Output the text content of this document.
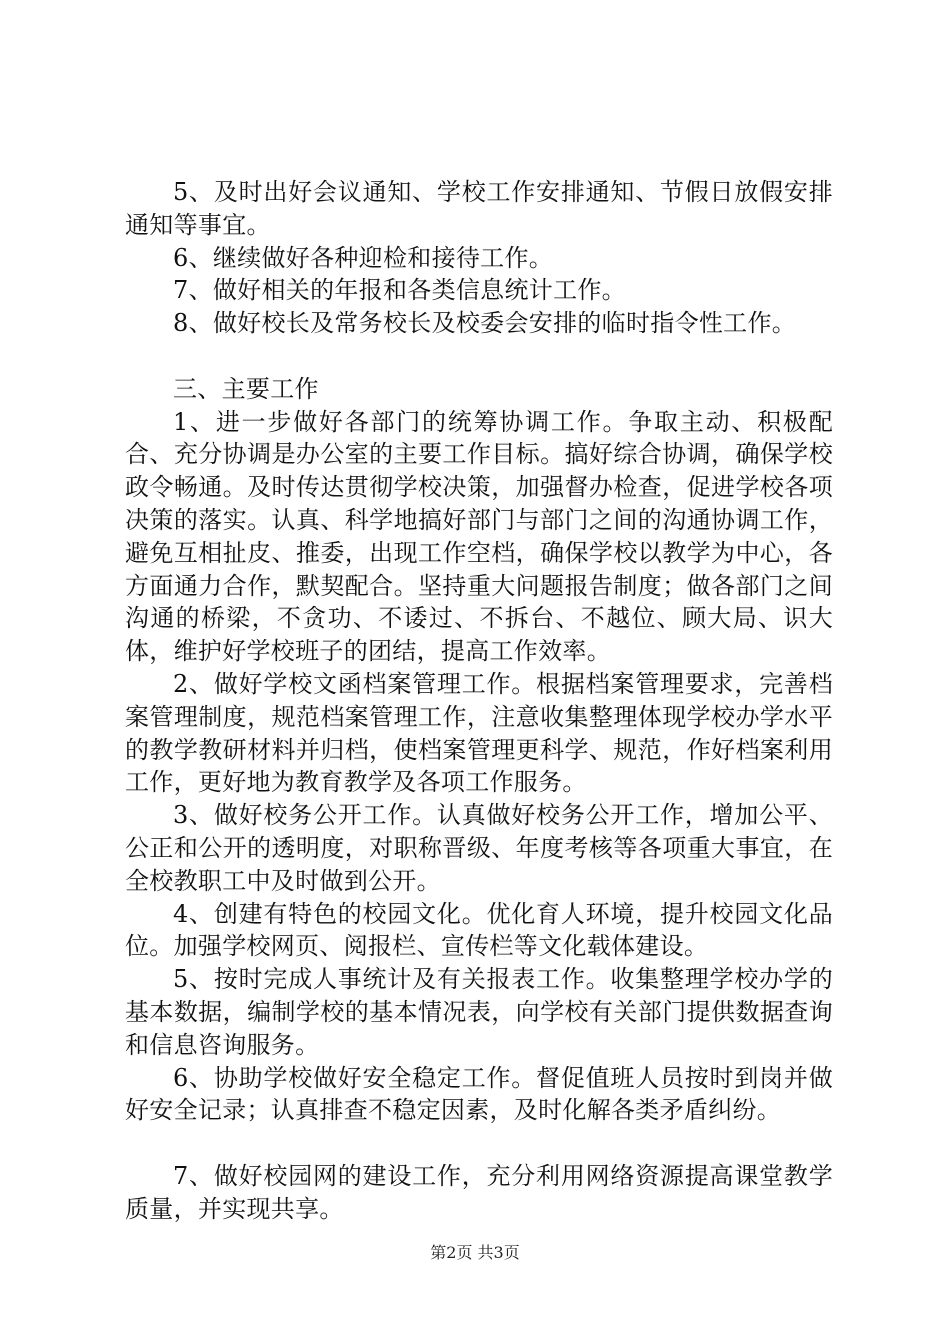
5、及时出好会议通知、学校工作安排通知、节假日放假安排通知等事宜。

6、继续做好各种迎检和接待工作。

7、做好相关的年报和各类信息统计工作。

8、做好校长及常务校长及校委会安排的临时指令性工作。

三、主要工作

1、进一步做好各部门的统筹协调工作。争取主动、积极配合、充分协调是办公室的主要工作目标。搞好综合协调，确保学校政令畅通。及时传达贯彻学校决策，加强督办检查，促进学校各项决策的落实。认真、科学地搞好部门与部门之间的沟通协调工作，避免互相扯皮、推委，出现工作空档，确保学校以教学为中心，各方面通力合作，默契配合。坚持重大问题报告制度；做各部门之间沟通的桥梁，不贪功、不诿过、不拆台、不越位、顾大局、识大体，维护好学校班子的团结，提高工作效率。

2、做好学校文函档案管理工作。根据档案管理要求，完善档案管理制度，规范档案管理工作，注意收集整理体现学校办学水平的教学教研材料并归档，使档案管理更科学、规范，作好档案利用工作，更好地为教育教学及各项工作服务。

3、做好校务公开工作。认真做好校务公开工作，增加公平、公正和公开的透明度，对职称晋级、年度考核等各项重大事宜，在全校教职工中及时做到公开。

4、创建有特色的校园文化。优化育人环境，提升校园文化品位。加强学校网页、阅报栏、宣传栏等文化载体建设。

5、按时完成人事统计及有关报表工作。收集整理学校办学的基本数据，编制学校的基本情况表，向学校有关部门提供数据查询和信息咨询服务。

6、协助学校做好安全稳定工作。督促值班人员按时到岗并做好安全记录；认真排查不稳定因素，及时化解各类矛盾纠纷。

7、做好校园网的建设工作，充分利用网络资源提高课堂教学质量，并实现共享。

第2页 共3页
